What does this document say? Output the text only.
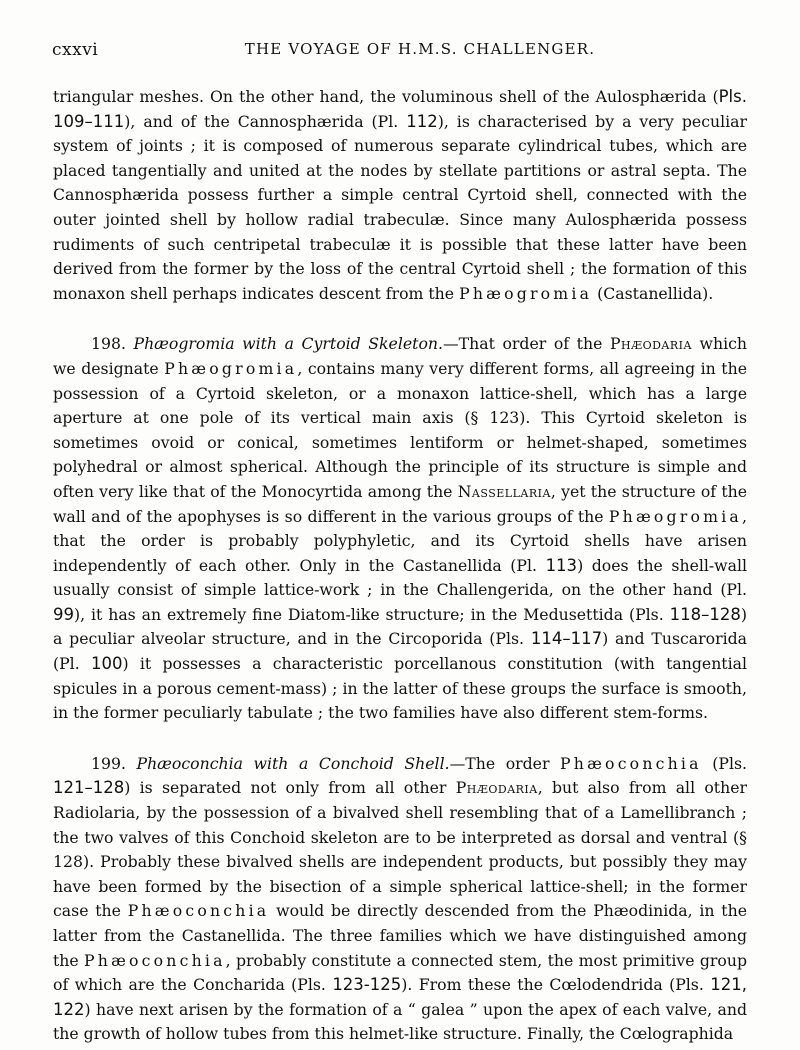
cxxvi	THE VOYAGE OF H.M.S. CHALLENGER.

triangular meshes. On the other hand, the voluminous shell of the Aulosphærida (Pls. 109–111), and of the Cannosphærida (Pl. 112), is characterised by a very peculiar system of joints ; it is composed of numerous separate cylindrical tubes, which are placed tangentially and united at the nodes by stellate partitions or astral septa. The Cannosphærida possess further a simple central Cyrtoid shell, connected with the outer jointed shell by hollow radial trabeculæ. Since many Aulosphærida possess rudiments of such centripetal trabeculæ it is possible that these latter have been derived from the former by the loss of the central Cyrtoid shell ; the formation of this monaxon shell perhaps indicates descent from the Phæogromia (Castanellida).

198. Phæogromia with a Cyrtoid Skeleton.—That order of the Phæodaria which we designate Phæogromia, contains many very different forms, all agreeing in the possession of a Cyrtoid skeleton, or a monaxon lattice-shell, which has a large aperture at one pole of its vertical main axis (§ 123). This Cyrtoid skeleton is sometimes ovoid or conical, sometimes lentiform or helmet-shaped, sometimes polyhedral or almost spherical. Although the principle of its structure is simple and often very like that of the Monocyrtida among the Nassellaria, yet the structure of the wall and of the apophyses is so different in the various groups of the Phæogromia, that the order is probably polyphyletic, and its Cyrtoid shells have arisen independently of each other. Only in the Castanellida (Pl. 113) does the shell-wall usually consist of simple lattice-work ; in the Challengerida, on the other hand (Pl. 99), it has an extremely fine Diatom-like structure; in the Medusettida (Pls. 118–128) a peculiar alveolar structure, and in the Circoporida (Pls. 114–117) and Tuscarorida (Pl. 100) it possesses a characteristic porcellanous constitution (with tangential spicules in a porous cement-mass) ; in the latter of these groups the surface is smooth, in the former peculiarly tabulate ; the two families have also different stem-forms.

199. Phæoconchia with a Conchoid Shell.—The order Phæoconchia (Pls. 121–128) is separated not only from all other Phæodaria, but also from all other Radiolaria, by the possession of a bivalved shell resembling that of a Lamellibranch ; the two valves of this Conchoid skeleton are to be interpreted as dorsal and ventral (§ 128). Probably these bivalved shells are independent products, but possibly they may have been formed by the bisection of a simple spherical lattice-shell; in the former case the Phæoconchia would be directly descended from the Phæodinida, in the latter from the Castanellida. The three families which we have distinguished among the Phæoconchia, probably constitute a connected stem, the most primitive group of which are the Concharida (Pls. 123-125). From these the Cœlodendrida (Pls. 121, 122) have next arisen by the formation of a “ galea ” upon the apex of each valve, and the growth of hollow tubes from this helmet-like structure. Finally, the Cœlographida
